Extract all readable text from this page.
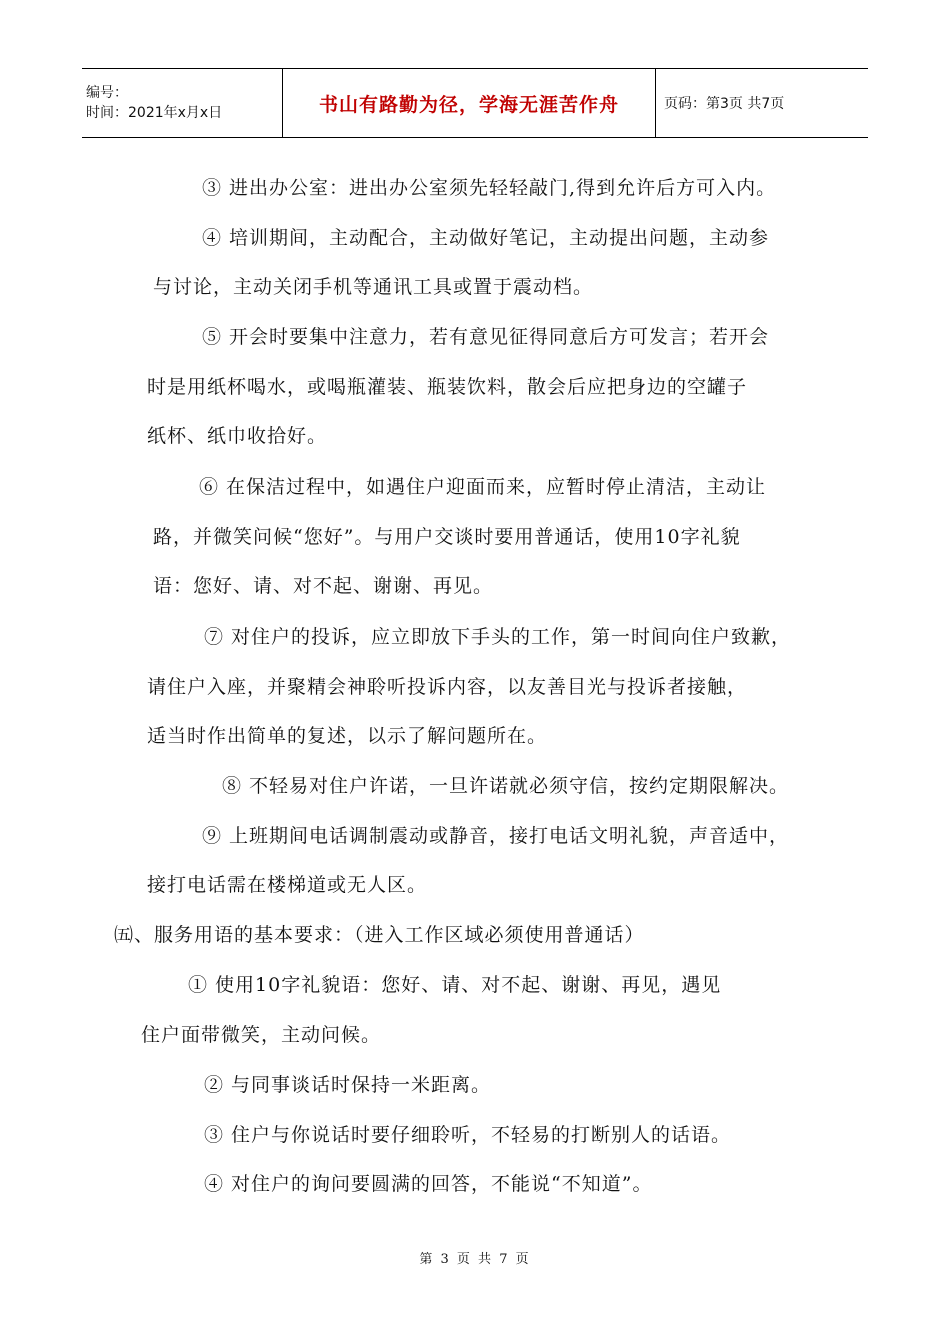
编号：
时间：2021年x月x日	书山有路勤为径，学海无涯苦作舟	页码：第3页 共7页
③ 进出办公室：进出办公室须先轻轻敲门,得到允许后方可入内。
④ 培训期间，主动配合，主动做好笔记，主动提出问题，主动参
与讨论，主动关闭手机等通讯工具或置于震动档。
⑤ 开会时要集中注意力，若有意见征得同意后方可发言；若开会
时是用纸杯喝水，或喝瓶灌装、瓶装饮料，散会后应把身边的空罐子
纸杯、纸巾收拾好。
⑥ 在保洁过程中，如遇住户迎面而来，应暂时停止清洁，主动让
路，并微笑问候“您好”。与用户交谈时要用普通话，使用10字礼貌
语：您好、请、对不起、谢谢、再见。
⑦ 对住户的投诉，应立即放下手头的工作，第一时间向住户致歉，
请住户入座，并聚精会神聆听投诉内容，以友善目光与投诉者接触，
适当时作出简单的复述，以示了解问题所在。
⑧ 不轻易对住户许诺，一旦许诺就必须守信，按约定期限解决。
⑨ 上班期间电话调制震动或静音，接打电话文明礼貌，声音适中，
接打电话需在楼梯道或无人区。
㈤、服务用语的基本要求：（进入工作区域必须使用普通话）
① 使用10字礼貌语：您好、请、对不起、谢谢、再见，遇见
住户面带微笑，主动问候。
② 与同事谈话时保持一米距离。
③ 住户与你说话时要仔细聆听，不轻易的打断别人的话语。
④ 对住户的询问要圆满的回答，不能说“不知道”。
第 3 页 共 7 页
